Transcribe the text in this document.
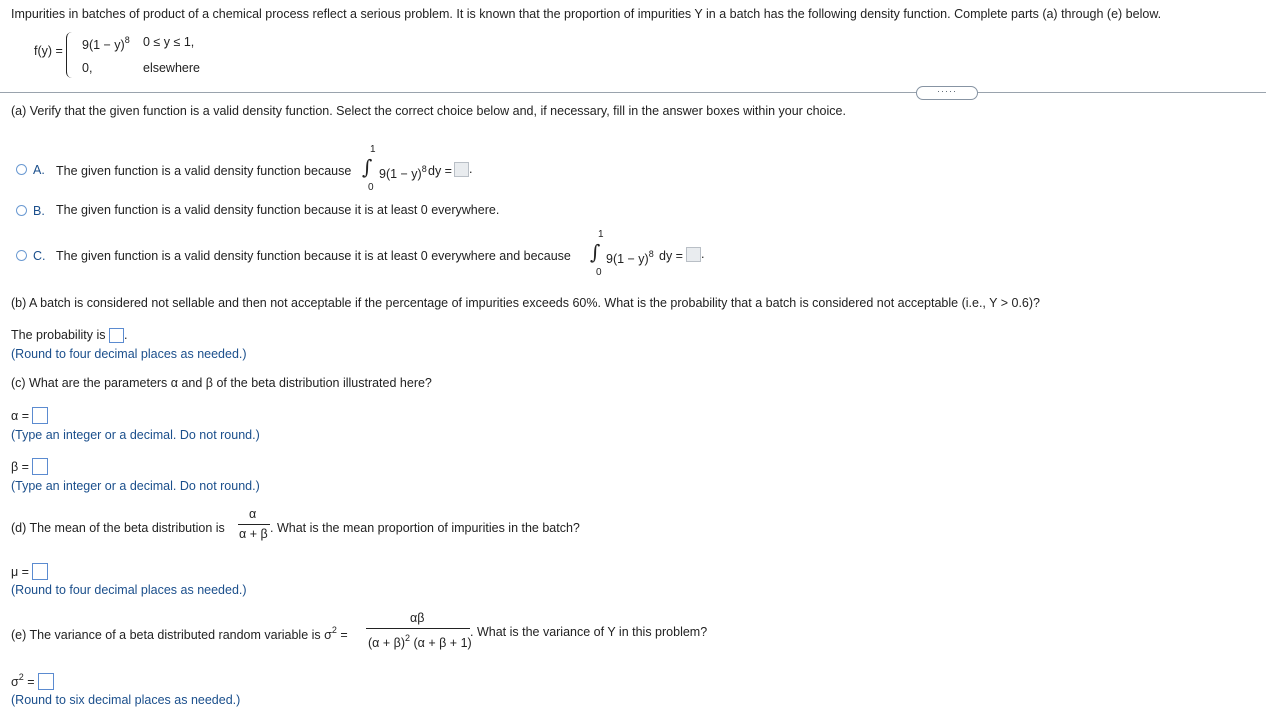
Impurities in batches of product of a chemical process reflect a serious problem. It is known that the proportion of impurities Y in a batch has the following density function. Complete parts (a) through (e) below.
$f(y) = 9(1 - y)^8$ 0 ≤ y ≤ 1,
0,	elsewhere
·····
(a) Verify that the given function is a valid density function. Select the correct choice below and, if necessary, fill in the answer boxes within your choice.
A. The given function is a valid density function because
1
∫
0
$9(1 - y)^8$ dy =	.
B. The given function is a valid density function because it is at least 0 everywhere.
C. The given function is a valid density function because it is at least 0 everywhere and because
1
∫
0
$9(1 - y)^8$ dy =	.
(b) A batch is considered not sellable and then not acceptable if the percentage of impurities exceeds 60%. What is the probability that a batch is considered not acceptable (i.e., Y > 0.6)?
The probability is .
(Round to four decimal places as needed.)
(c) What are the parameters α and β of the beta distribution illustrated here?
α =
(Type an integer or a decimal. Do not round.)
β =
(Type an integer or a decimal. Do not round.)
(d) The mean of the beta distribution is
α
α + β . What is the mean proportion of impurities in the batch?
μ =
(Round to four decimal places as needed.)
(e) The variance of a beta distributed random variable is $\sigma^2$ =
αβ
$(\alpha + \beta)^2$ (α + β + 1)
. What is the variance of Y in this problem?
$\sigma^2$ =
(Round to six decimal places as needed.)
